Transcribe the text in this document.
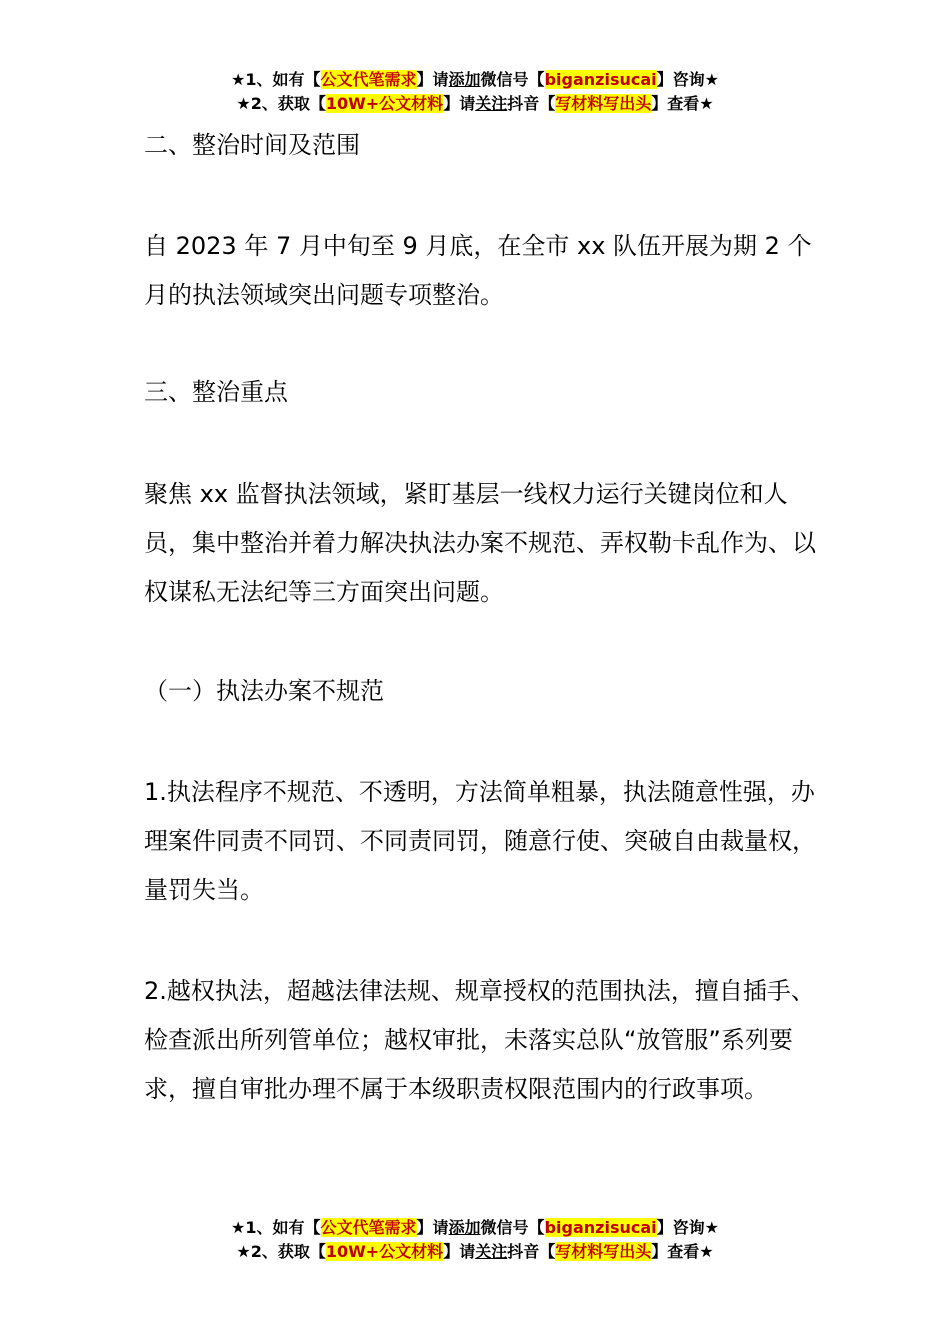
★1、如有【公文代笔需求】请添加微信号【biganzisucai】咨询★
★2、获取【10W+公文材料】请关注抖音【写材料写出头】查看★

二、整治时间及范围

自 2023 年 7 月中旬至 9 月底，在全市 xx 队伍开展为期 2 个月的执法领域突出问题专项整治。

三、整治重点

聚焦 xx 监督执法领域，紧盯基层一线权力运行关键岗位和人员，集中整治并着力解决执法办案不规范、弄权勒卡乱作为、以权谋私无法纪等三方面突出问题。

（一）执法办案不规范

1.执法程序不规范、不透明，方法简单粗暴，执法随意性强，办理案件同责不同罚、不同责同罚，随意行使、突破自由裁量权，量罚失当。

2.越权执法，超越法律法规、规章授权的范围执法，擅自插手、检查派出所列管单位；越权审批，未落实总队“放管服”系列要求，擅自审批办理不属于本级职责权限范围内的行政事项。

★1、如有【公文代笔需求】请添加微信号【biganzisucai】咨询★
★2、获取【10W+公文材料】请关注抖音【写材料写出头】查看★
